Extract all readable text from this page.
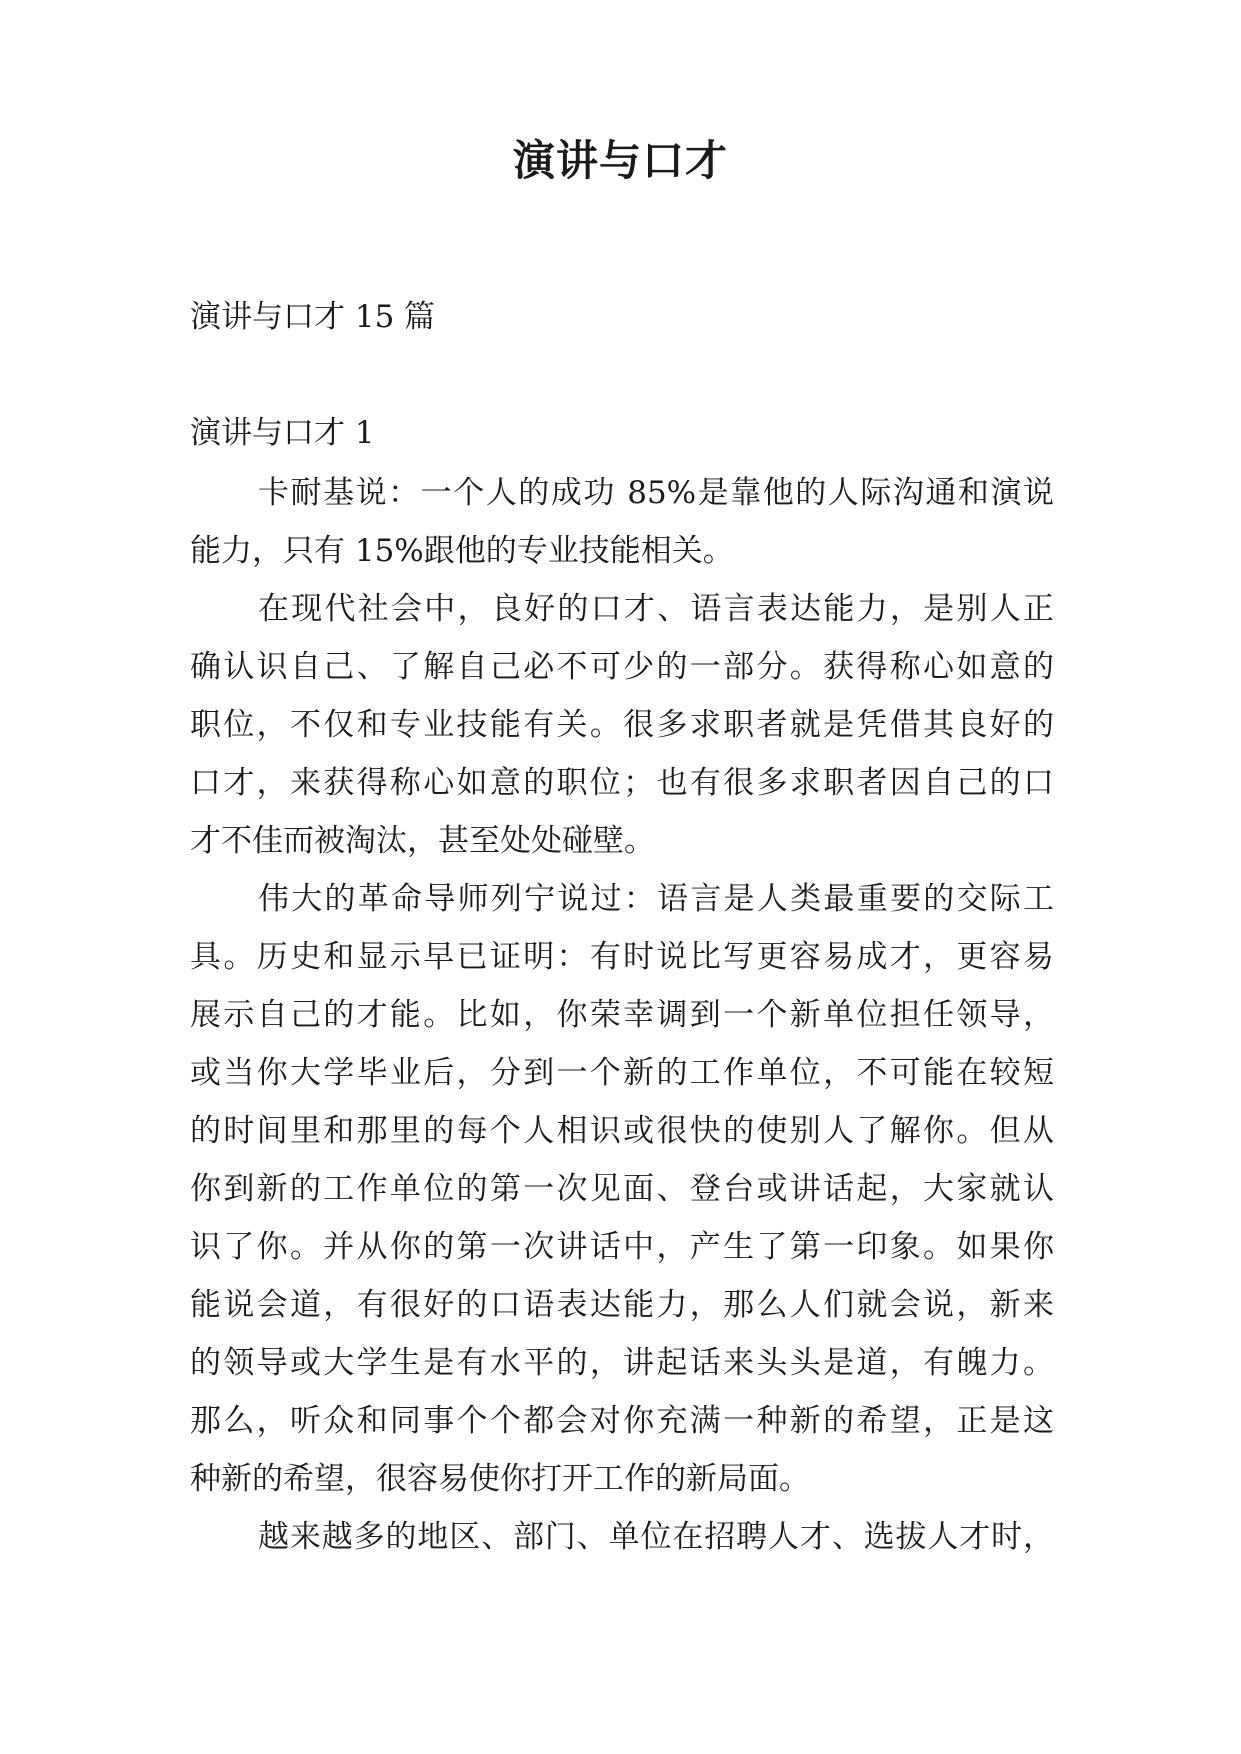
演讲与口才

演讲与口才 15 篇

演讲与口才 1

卡耐基说：一个人的成功 85%是靠他的人际沟通和演说

能力，只有 15%跟他的专业技能相关。

在现代社会中，良好的口才、语言表达能力，是别人正

确认识自己、了解自己必不可少的一部分。获得称心如意的

职位，不仅和专业技能有关。很多求职者就是凭借其良好的

口才，来获得称心如意的职位；也有很多求职者因自己的口

才不佳而被淘汰，甚至处处碰壁。

伟大的革命导师列宁说过：语言是人类最重要的交际工

具。历史和显示早已证明：有时说比写更容易成才，更容易

展示自己的才能。比如，你荣幸调到一个新单位担任领导，

或当你大学毕业后，分到一个新的工作单位，不可能在较短

的时间里和那里的每个人相识或很快的使别人了解你。但从

你到新的工作单位的第一次见面、登台或讲话起，大家就认

识了你。并从你的第一次讲话中，产生了第一印象。如果你

能说会道，有很好的口语表达能力，那么人们就会说，新来

的领导或大学生是有水平的，讲起话来头头是道，有魄力。

那么，听众和同事个个都会对你充满一种新的希望，正是这

种新的希望，很容易使你打开工作的新局面。

越来越多的地区、部门、单位在招聘人才、选拔人才时，
